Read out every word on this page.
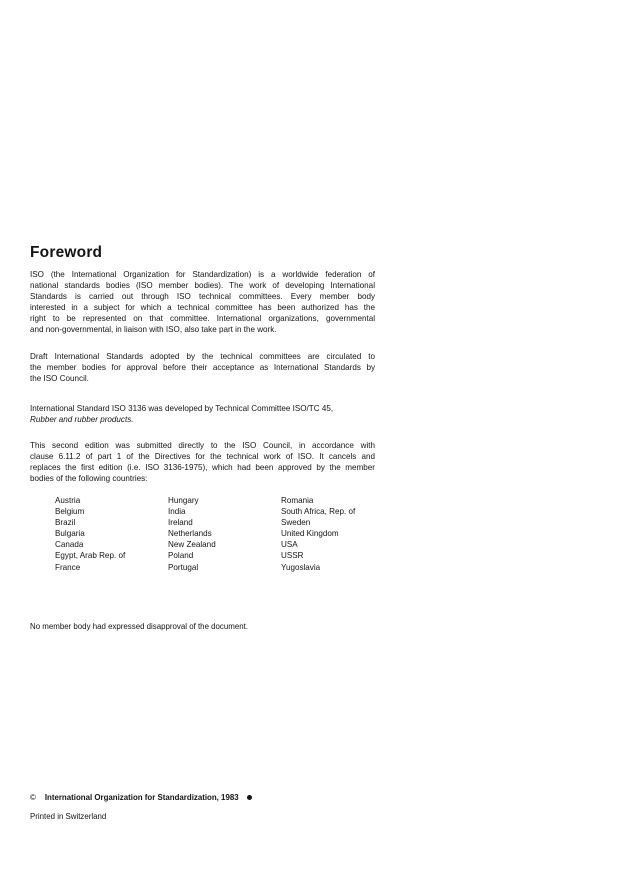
Foreword

ISO (the International Organization for Standardization) is a worldwide federation of
national standards bodies (ISO member bodies). The work of developing International
Standards is carried out through ISO technical committees. Every member body
interested in a subject for which a technical committee has been authorized has the
right to be represented on that committee. International organizations, governmental
and non-governmental, in liaison with ISO, also take part in the work.

Draft International Standards adopted by the technical committees are circulated to
the member bodies for approval before their acceptance as International Standards by
the ISO Council.

International Standard ISO 3136 was developed by Technical Committee ISO/TC 45,
Rubber and rubber products.

This second edition was submitted directly to the ISO Council, in accordance with
clause 6.11.2 of part 1 of the Directives for the technical work of ISO. It cancels and
replaces the first edition (i.e. ISO 3136-1975), which had been approved by the member
bodies of the following countries:

Austria
Belgium
Brazil
Bulgaria
Canada
Egypt, Arab Rep. of
France
Hungary
India
Ireland
Netherlands
New Zealand
Poland
Portugal
Romania
South Africa, Rep. of
Sweden
United Kingdom
USA
USSR
Yugoslavia

No member body had expressed disapproval of the document.

© International Organization for Standardization, 1983

Printed in Switzerland
